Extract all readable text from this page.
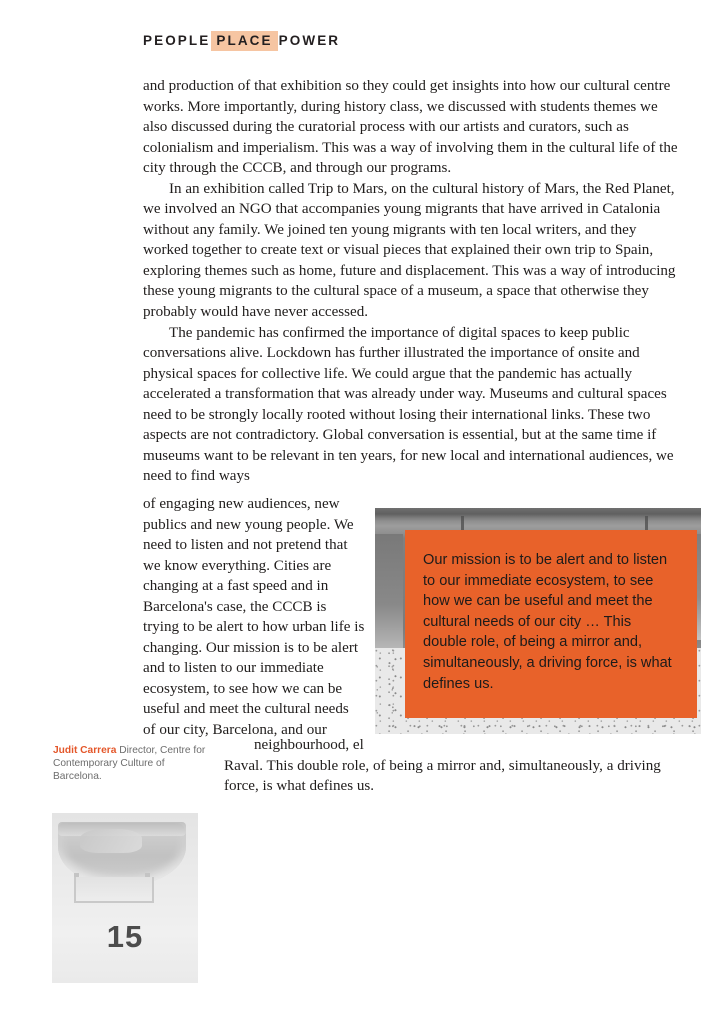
PEOPLE PLACE POWER

and production of that exhibition so they could get insights into how our cultural centre works. More importantly, during history class, we discussed with students themes we also discussed during the curatorial process with our artists and curators, such as colonialism and imperialism. This was a way of involving them in the cultural life of the city through the CCCB, and through our programs.

In an exhibition called Trip to Mars, on the cultural history of Mars, the Red Planet, we involved an NGO that accompanies young migrants that have arrived in Catalonia without any family. We joined ten young migrants with ten local writers, and they worked together to create text or visual pieces that explained their own trip to Spain, exploring themes such as home, future and displacement. This was a way of introducing these young migrants to the cultural space of a museum, a space that otherwise they probably would have never accessed.

The pandemic has confirmed the importance of digital spaces to keep public conversations alive. Lockdown has further illustrated the importance of onsite and physical spaces for collective life. We could argue that the pandemic has actually accelerated a transformation that was already under way. Museums and cultural spaces need to be strongly locally rooted without losing their international links. These two aspects are not contradictory. Global conversation is essential, but at the same time if museums want to be relevant in ten years, for new local and international audiences, we need to find ways

of engaging new audiences, new publics and new young people. We need to listen and not pretend that we know everything. Cities are changing at a fast speed and in Barcelona's case, the CCCB is trying to be alert to how urban life is changing. Our mission is to be alert and to listen to our immediate ecosystem, to see how we can be useful and meet the cultural needs of our city, Barcelona, and our

neighbourhood, el

Raval. This double role, of being a mirror and, simultaneously, a driving force, is what defines us.

Judit Carrera Director, Centre for Contemporary Culture of Barcelona.

Our mission is to be alert and to listen to our immediate ecosystem, to see how we can be useful and meet the cultural needs of our city … This double role, of being a mirror and, simultaneously, a driving force, is what defines us.

15
